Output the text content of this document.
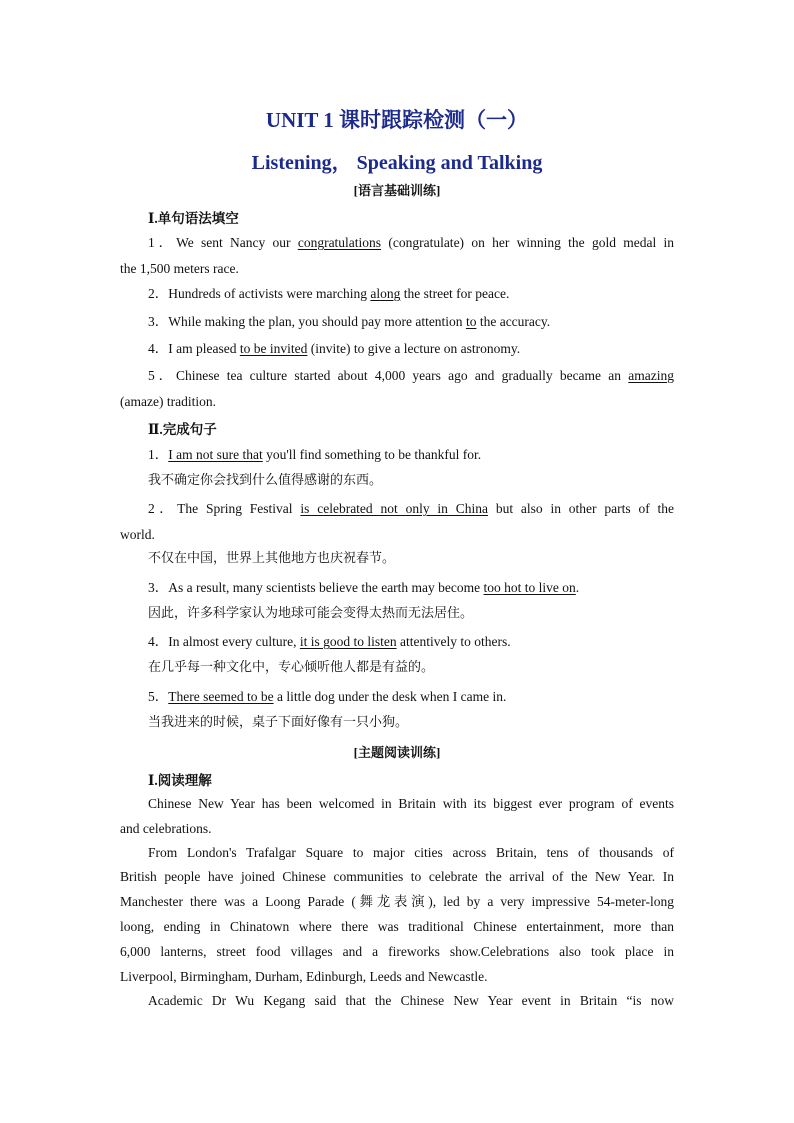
UNIT 1 课时跟踪检测（一）
Listening， Speaking and Talking
[语言基础训练]
Ⅰ.单句语法填空
1．We sent Nancy our congratulations (congratulate) on her winning the gold medal in
the 1,500 meters race.
2．Hundreds of activists were marching along the street for peace.
3．While making the plan, you should pay more attention to the accuracy.
4．I am pleased to be invited (invite) to give a lecture on astronomy.
5．Chinese tea culture started about 4,000 years ago and gradually became an amazing
(amaze) tradition.
Ⅱ.完成句子
1．I am not sure that you'll find something to be thankful for.
我不确定你会找到什么值得感谢的东西。
2．The Spring Festival is celebrated not only in China but also in other parts of the
world.
不仅在中国，世界上其他地方也庆祝春节。
3．As a result, many scientists believe the earth may become too hot to live on.
因此，许多科学家认为地球可能会变得太热而无法居住。
4．In almost every culture, it is good to listen attentively to others.
在几乎每一种文化中，专心倾听他人都是有益的。
5．There seemed to be a little dog under the desk when I came in.
当我进来的时候，桌子下面好像有一只小狗。
[主题阅读训练]
Ⅰ.阅读理解
Chinese New Year has been welcomed in Britain with its biggest ever program of events
and celebrations.
From London's Trafalgar Square to major cities across Britain, tens of thousands of
British people have joined Chinese communities to celebrate the arrival of the New Year. In
Manchester there was a Loong Parade (舞龙表演), led by a very impressive 54-meter-long
loong, ending in Chinatown where there was traditional Chinese entertainment, more than
6,000 lanterns, street food villages and a fireworks show.Celebrations also took place in
Liverpool, Birmingham, Durham, Edinburgh, Leeds and Newcastle.
Academic Dr Wu Kegang said that the Chinese New Year event in Britain “is now
